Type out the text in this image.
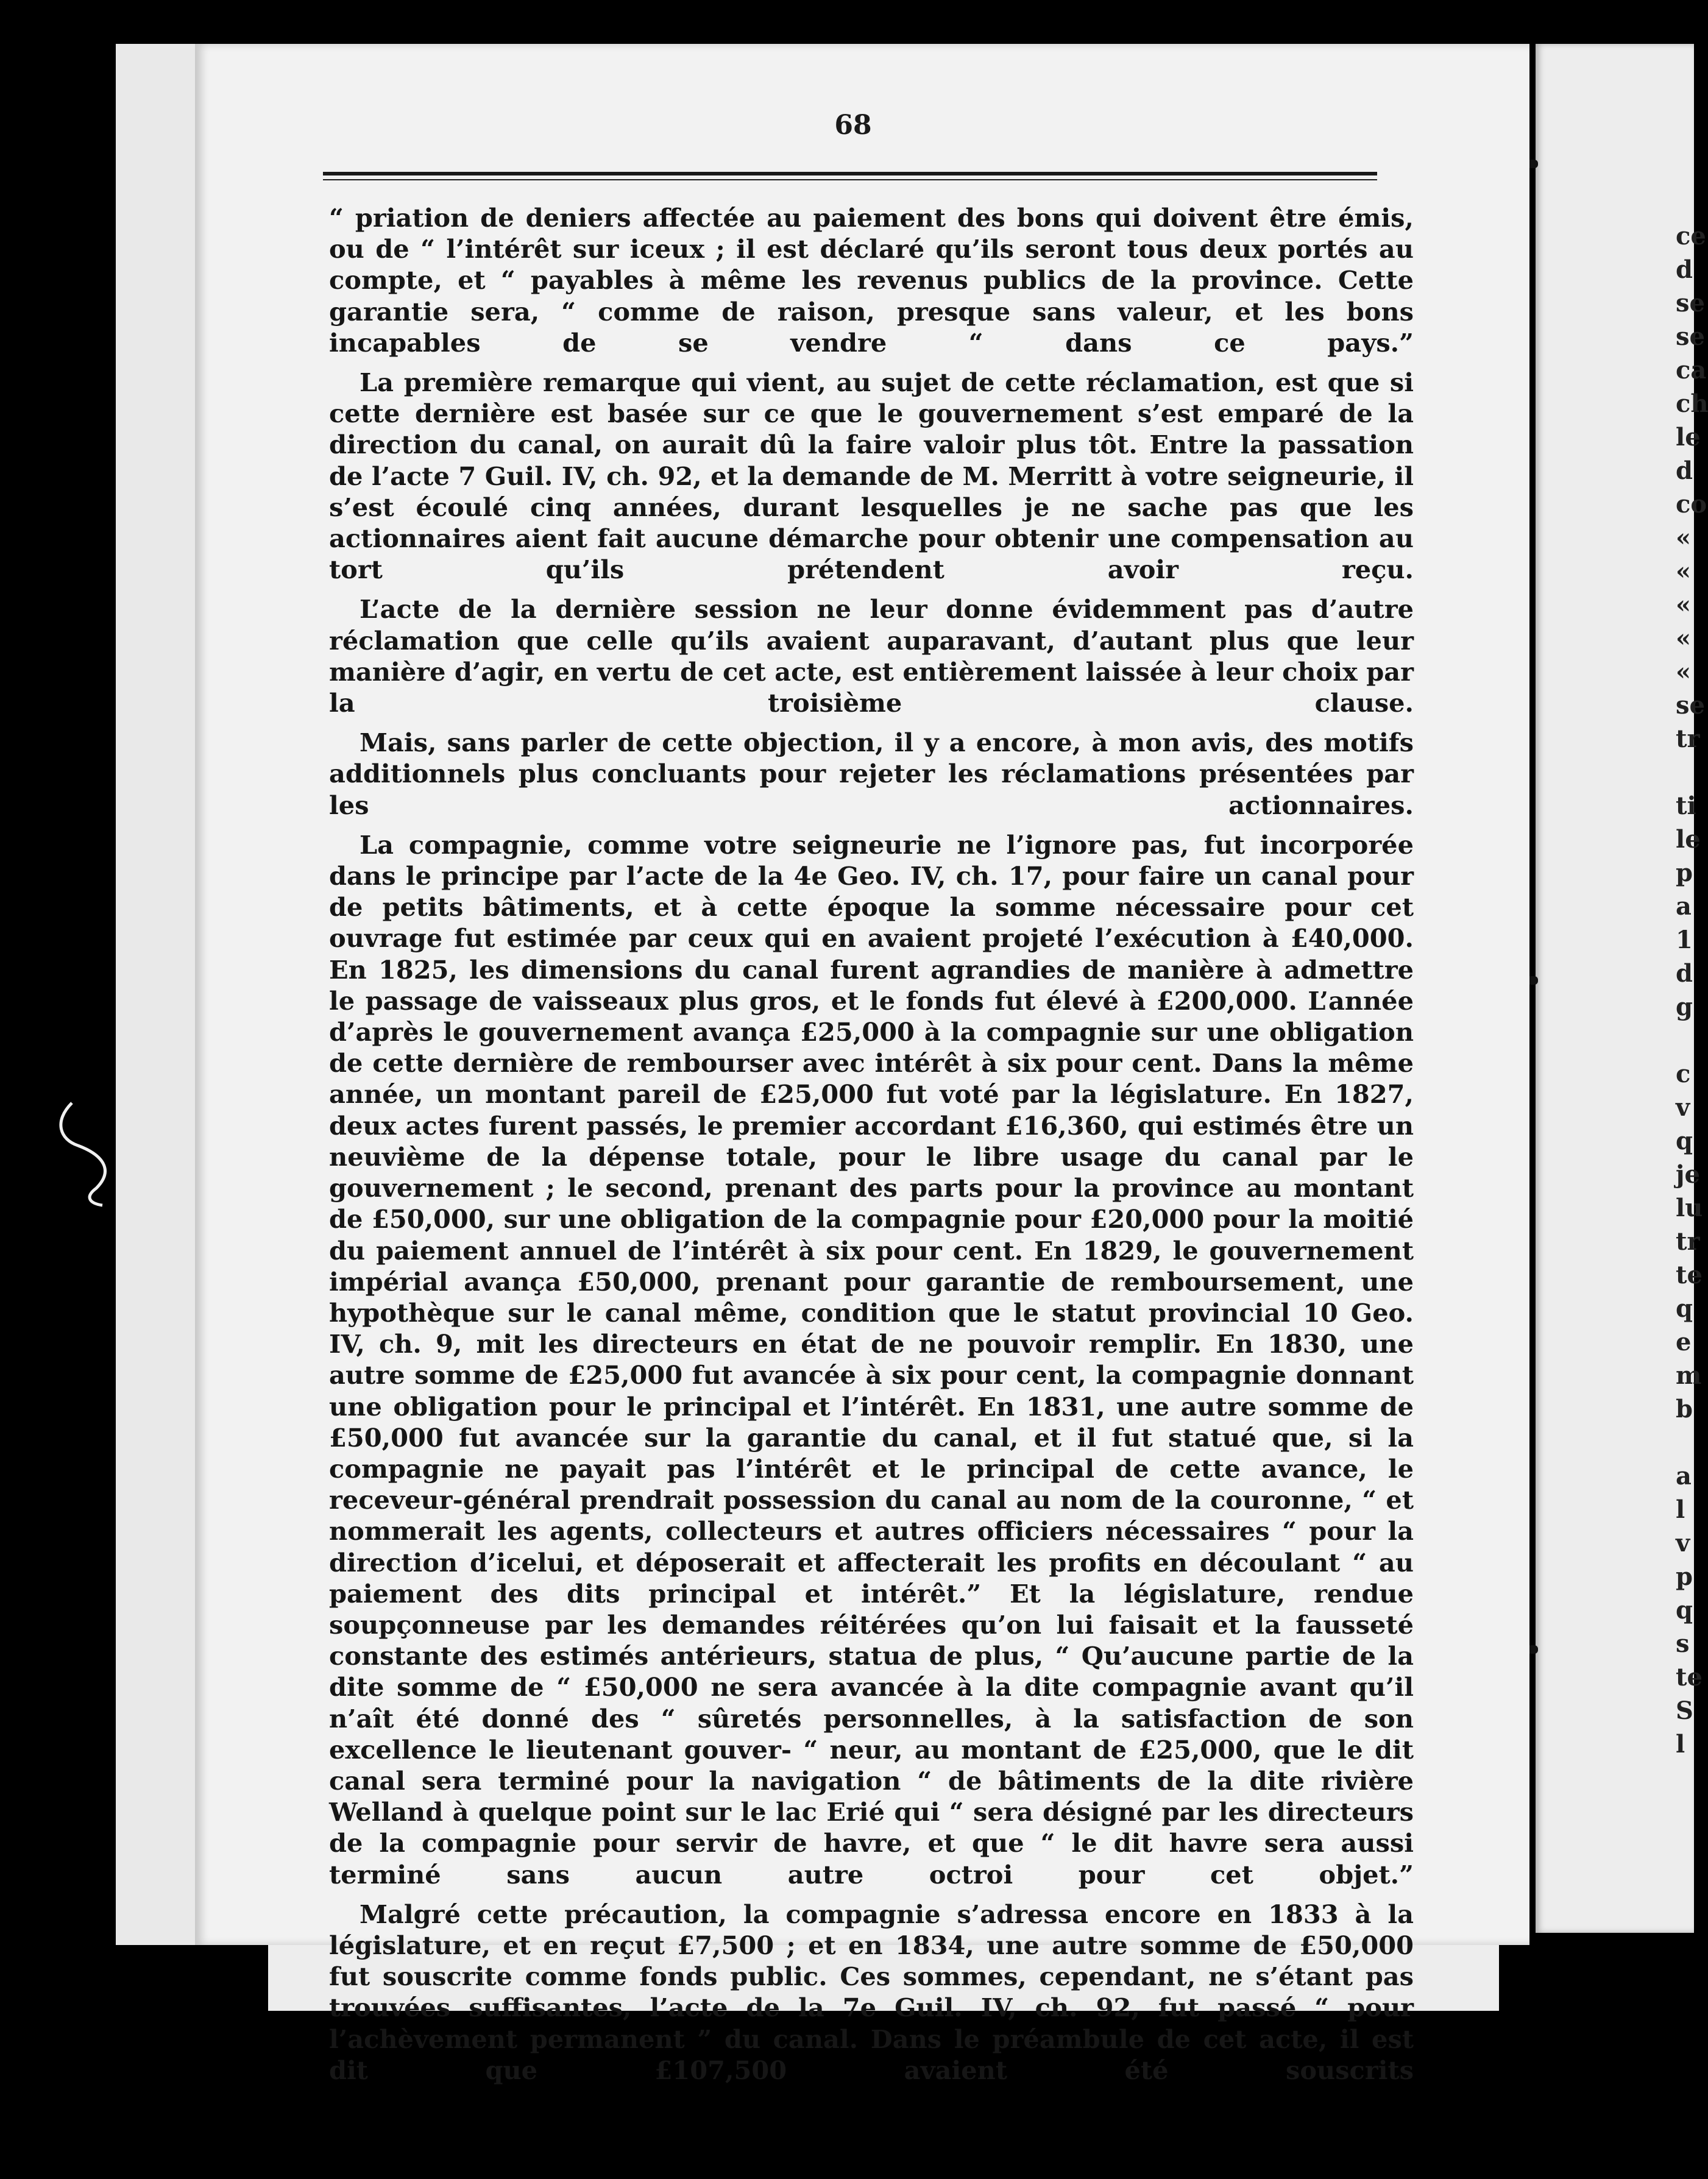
ce
d
se
se
ca
ch
le
d
co
«
«
«
«
«
se
tr
ti
le
p
a
1
d
g
c
v
q
je
lu
tr
te
q
e
m
b
a
l
v
p
q
s
te
S
l
68

“ priation de deniers affectée au paiement des bons qui doivent être émis, ou de “ l’intérêt sur iceux ; il est déclaré qu’ils seront tous deux portés au compte, et “ payables à même les revenus publics de la province. Cette garantie sera, “ comme de raison, presque sans valeur, et les bons incapables de se vendre “ dans ce pays.”

La première remarque qui vient, au sujet de cette réclamation, est que si cette dernière est basée sur ce que le gouvernement s’est emparé de la direction du canal, on aurait dû la faire valoir plus tôt. Entre la passation de l’acte 7 Guil. IV, ch. 92, et la demande de M. Merritt à votre seigneurie, il s’est écoulé cinq années, durant lesquelles je ne sache pas que les actionnaires aient fait aucune démarche pour obtenir une compensation au tort qu’ils prétendent avoir reçu.

L’acte de la dernière session ne leur donne évidemment pas d’autre réclamation que celle qu’ils avaient auparavant, d’autant plus que leur manière d’agir, en vertu de cet acte, est entièrement laissée à leur choix par la troisième clause.

Mais, sans parler de cette objection, il y a encore, à mon avis, des motifs additionnels plus concluants pour rejeter les réclamations présentées par les actionnaires.

La compagnie, comme votre seigneurie ne l’ignore pas, fut incorporée dans le principe par l’acte de la 4e Geo. IV, ch. 17, pour faire un canal pour de petits bâtiments, et à cette époque la somme nécessaire pour cet ouvrage fut estimée par ceux qui en avaient projeté l’exécution à £40,000. En 1825, les dimensions du canal furent agrandies de manière à admettre le passage de vaisseaux plus gros, et le fonds fut élevé à £200,000. L’année d’après le gouvernement avança £25,000 à la compagnie sur une obligation de cette dernière de rembourser avec intérêt à six pour cent. Dans la même année, un montant pareil de £25,000 fut voté par la législature. En 1827, deux actes furent passés, le premier accordant £16,360, qui estimés être un neuvième de la dépense totale, pour le libre usage du canal par le gouvernement ; le second, prenant des parts pour la province au montant de £50,000, sur une obligation de la compagnie pour £20,000 pour la moitié du paiement annuel de l’intérêt à six pour cent. En 1829, le gouvernement impérial avança £50,000, prenant pour garantie de remboursement, une hypothèque sur le canal même, condition que le statut provincial 10 Geo. IV, ch. 9, mit les directeurs en état de ne pouvoir remplir. En 1830, une autre somme de £25,000 fut avancée à six pour cent, la compagnie donnant une obligation pour le principal et l’intérêt. En 1831, une autre somme de £50,000 fut avancée sur la garantie du canal, et il fut statué que, si la compagnie ne payait pas l’intérêt et le principal de cette avance, le receveur-général prendrait possession du canal au nom de la couronne, “ et nommerait les agents, collecteurs et autres officiers nécessaires “ pour la direction d’icelui, et déposerait et affecterait les profits en découlant “ au paiement des dits principal et intérêt.” Et la législature, rendue soupçonneuse par les demandes réitérées qu’on lui faisait et la fausseté constante des estimés antérieurs, statua de plus, “ Qu’aucune partie de la dite somme de “ £50,000 ne sera avancée à la dite compagnie avant qu’il n’aît été donné des “ sûretés personnelles, à la satisfaction de son excellence le lieutenant gouver- “ neur, au montant de £25,000, que le dit canal sera terminé pour la navigation “ de bâtiments de la dite rivière Welland à quelque point sur le lac Erié qui “ sera désigné par les directeurs de la compagnie pour servir de havre, et que “ le dit havre sera aussi terminé sans aucun autre octroi pour cet objet.”

Malgré cette précaution, la compagnie s’adressa encore en 1833 à la législature, et en reçut £7,500 ; et en 1834, une autre somme de £50,000 fut souscrite comme fonds public. Ces sommes, cependant, ne s’étant pas trouvées suffisantes, l’acte de la 7e Guil. IV, ch. 92, fut passé “ pour l’achèvement permanent ” du canal. Dans le préambule de cet acte, il est dit que £107,500 avaient été souscrits
